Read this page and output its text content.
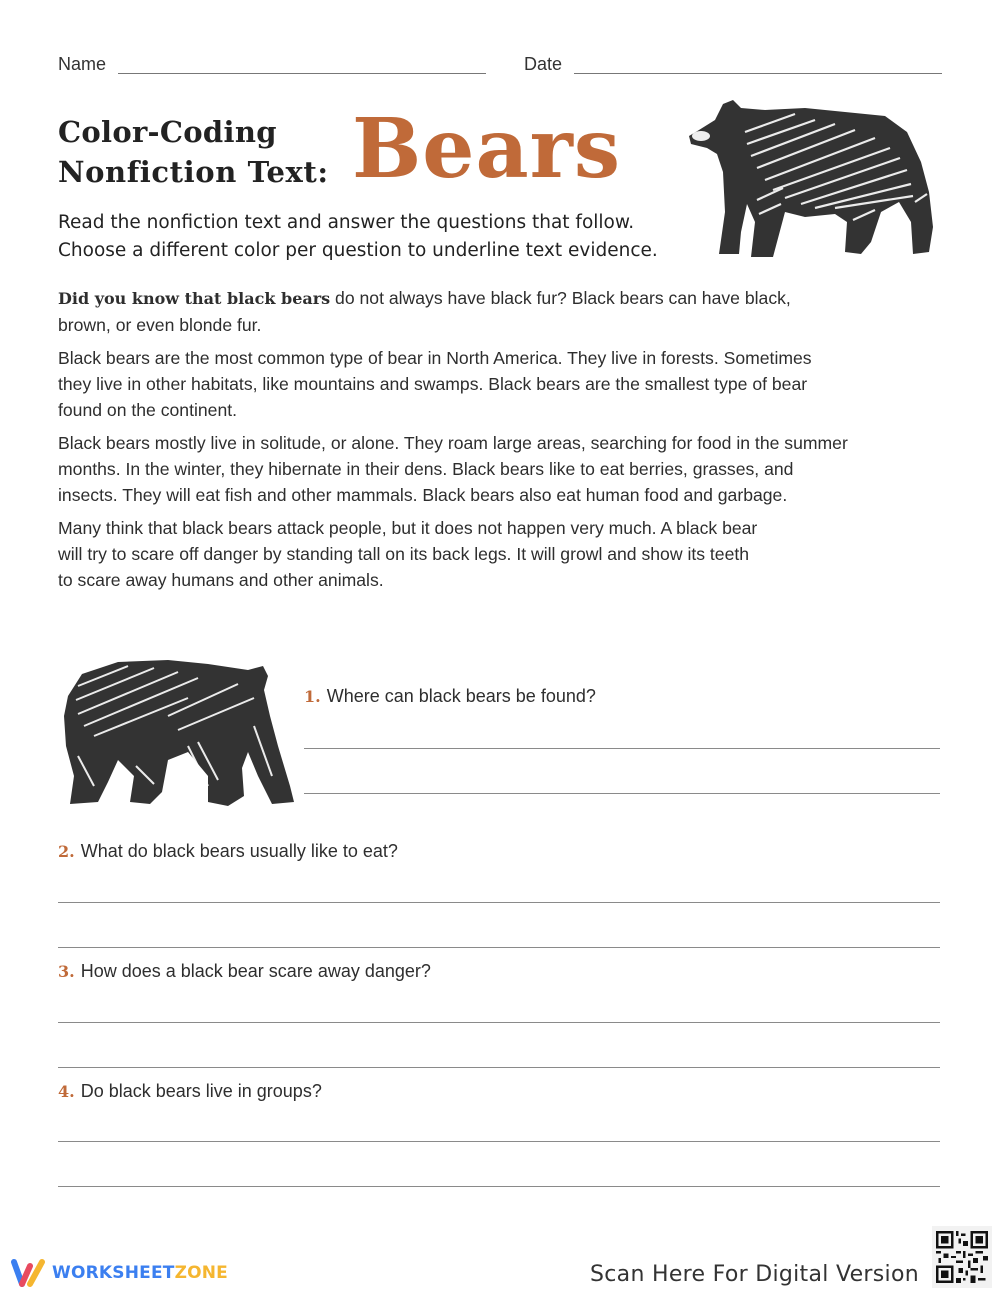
Name	Date
Color-Coding
Nonfiction Text: Bears
Read the nonfiction text and answer the questions that follow.
Choose a different color per question to underline text evidence.

Did you know that black bears do not always have black fur? Black bears can have black, brown, or even blonde fur.

Black bears are the most common type of bear in North America. They live in forests. Sometimes they live in other habitats, like mountains and swamps. Black bears are the smallest type of bear found on the continent.

Black bears mostly live in solitude, or alone. They roam large areas, searching for food in the summer months. In the winter, they hibernate in their dens. Black bears like to eat berries, grasses, and insects. They will eat fish and other mammals. Black bears also eat human food and garbage.

Many think that black bears attack people, but it does not happen very much. A black bear will try to scare off danger by standing tall on its back legs. It will growl and show its teeth to scare away humans and other animals.

1. Where can black bears be found?
2. What do black bears usually like to eat?
3. How does a black bear scare away danger?
4. Do black bears live in groups?
WORKSHEETZONE	Scan Here For Digital Version
